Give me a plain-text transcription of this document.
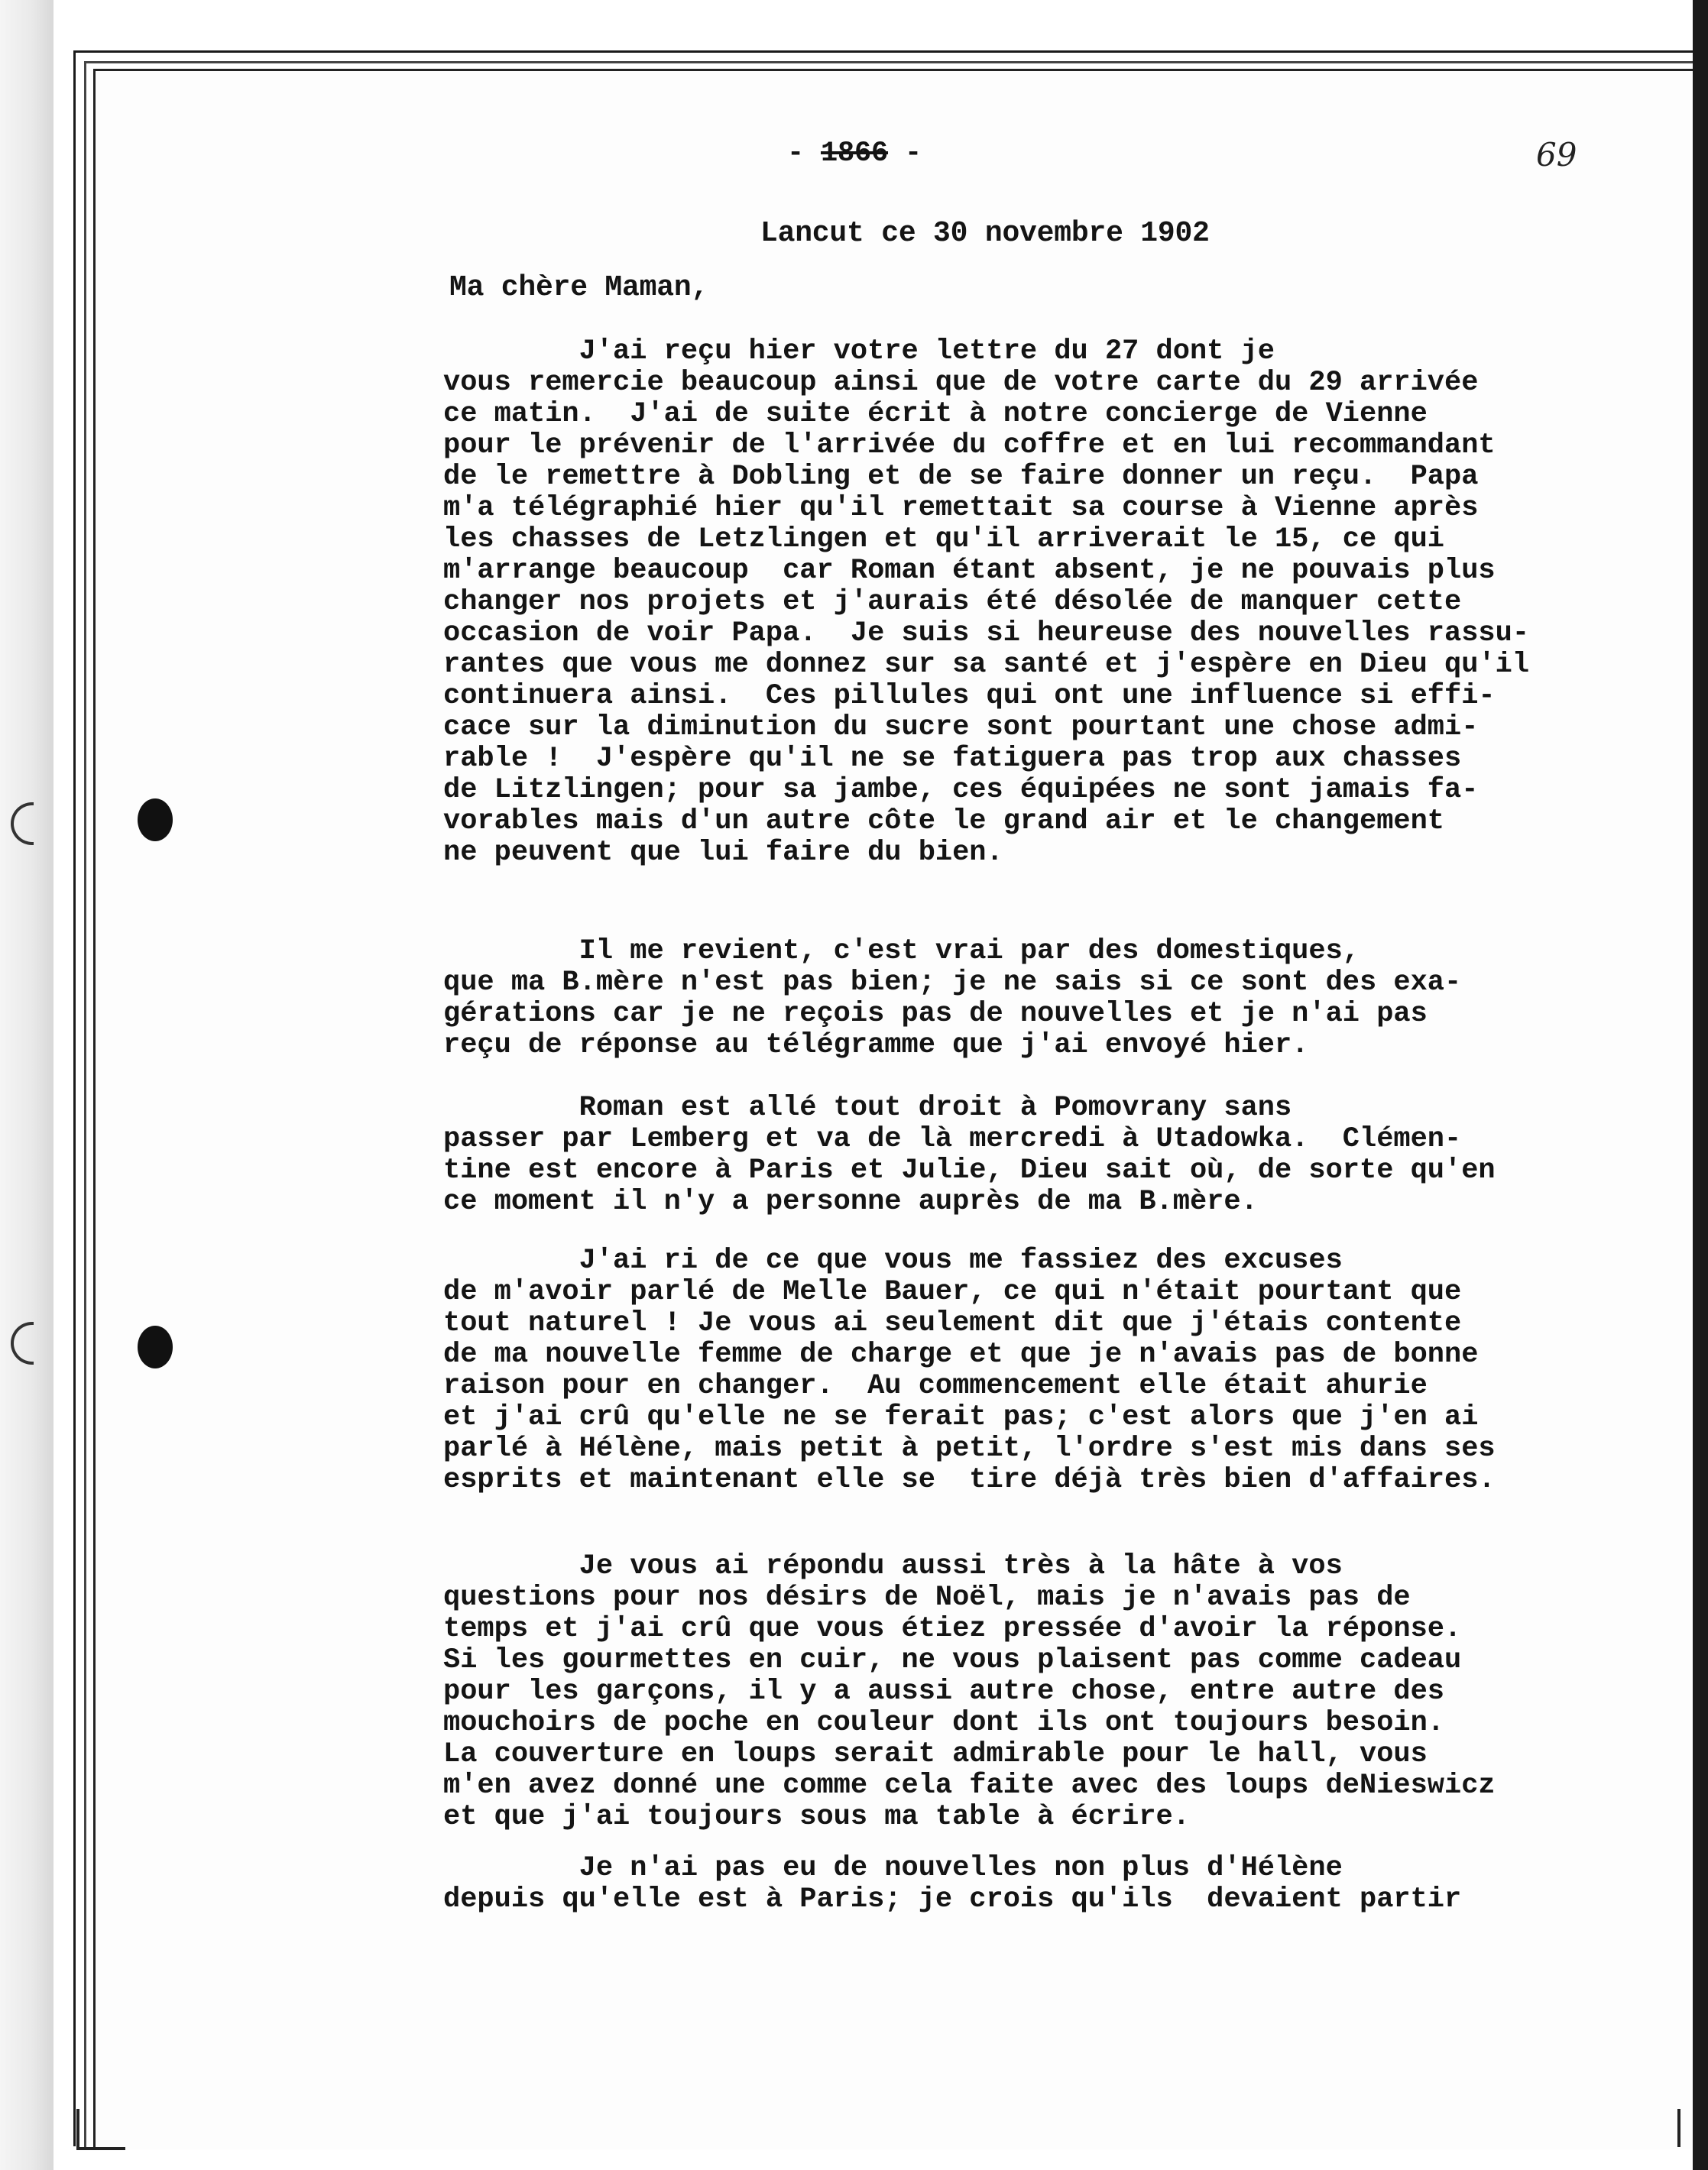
- 1866 -	69
Lancut ce 30 novembre 1902
Ma chère Maman,
J'ai reçu hier votre lettre du 27 dont je
vous remercie beaucoup ainsi que de votre carte du 29 arrivée
ce matin.  J'ai de suite écrit à notre concierge de Vienne
pour le prévenir de l'arrivée du coffre et en lui recommandant
de le remettre à Dobling et de se faire donner un reçu.  Papa
m'a télégraphié hier qu'il remettait sa course à Vienne après
les chasses de Letzlingen et qu'il arriverait le 15, ce qui
m'arrange beaucoup  car Roman étant absent, je ne pouvais plus
changer nos projets et j'aurais été désolée de manquer cette
occasion de voir Papa.  Je suis si heureuse des nouvelles rassu-
rantes que vous me donnez sur sa santé et j'espère en Dieu qu'il
continuera ainsi.  Ces pillules qui ont une influence si effi-
cace sur la diminution du sucre sont pourtant une chose admi-
rable !  J'espère qu'il ne se fatiguera pas trop aux chasses
de Litzlingen; pour sa jambe, ces équipées ne sont jamais fa-
vorables mais d'un autre côte le grand air et le changement
ne peuvent que lui faire du bien.
Il me revient, c'est vrai par des domestiques,
que ma B.mère n'est pas bien; je ne sais si ce sont des exa-
gérations car je ne reçois pas de nouvelles et je n'ai pas
reçu de réponse au télégramme que j'ai envoyé hier.
Roman est allé tout droit à Pomovrany sans
passer par Lemberg et va de là mercredi à Utadowka.  Clémen-
tine est encore à Paris et Julie, Dieu sait où, de sorte qu'en
ce moment il n'y a personne auprès de ma B.mère.
J'ai ri de ce que vous me fassiez des excuses
de m'avoir parlé de Melle Bauer, ce qui n'était pourtant que
tout naturel ! Je vous ai seulement dit que j'étais contente
de ma nouvelle femme de charge et que je n'avais pas de bonne
raison pour en changer.  Au commencement elle était ahurie
et j'ai crû qu'elle ne se ferait pas; c'est alors que j'en ai
parlé à Hélène, mais petit à petit, l'ordre s'est mis dans ses
esprits et maintenant elle se  tire déjà très bien d'affaires.
Je vous ai répondu aussi très à la hâte à vos
questions pour nos désirs de Noël, mais je n'avais pas de
temps et j'ai crû que vous étiez pressée d'avoir la réponse.
Si les gourmettes en cuir, ne vous plaisent pas comme cadeau
pour les garçons, il y a aussi autre chose, entre autre des
mouchoirs de poche en couleur dont ils ont toujours besoin.
La couverture en loups serait admirable pour le hall, vous
m'en avez donné une comme cela faite avec des loups deNieswicz
et que j'ai toujours sous ma table à écrire.
Je n'ai pas eu de nouvelles non plus d'Hélène
depuis qu'elle est à Paris; je crois qu'ils  devaient partir
